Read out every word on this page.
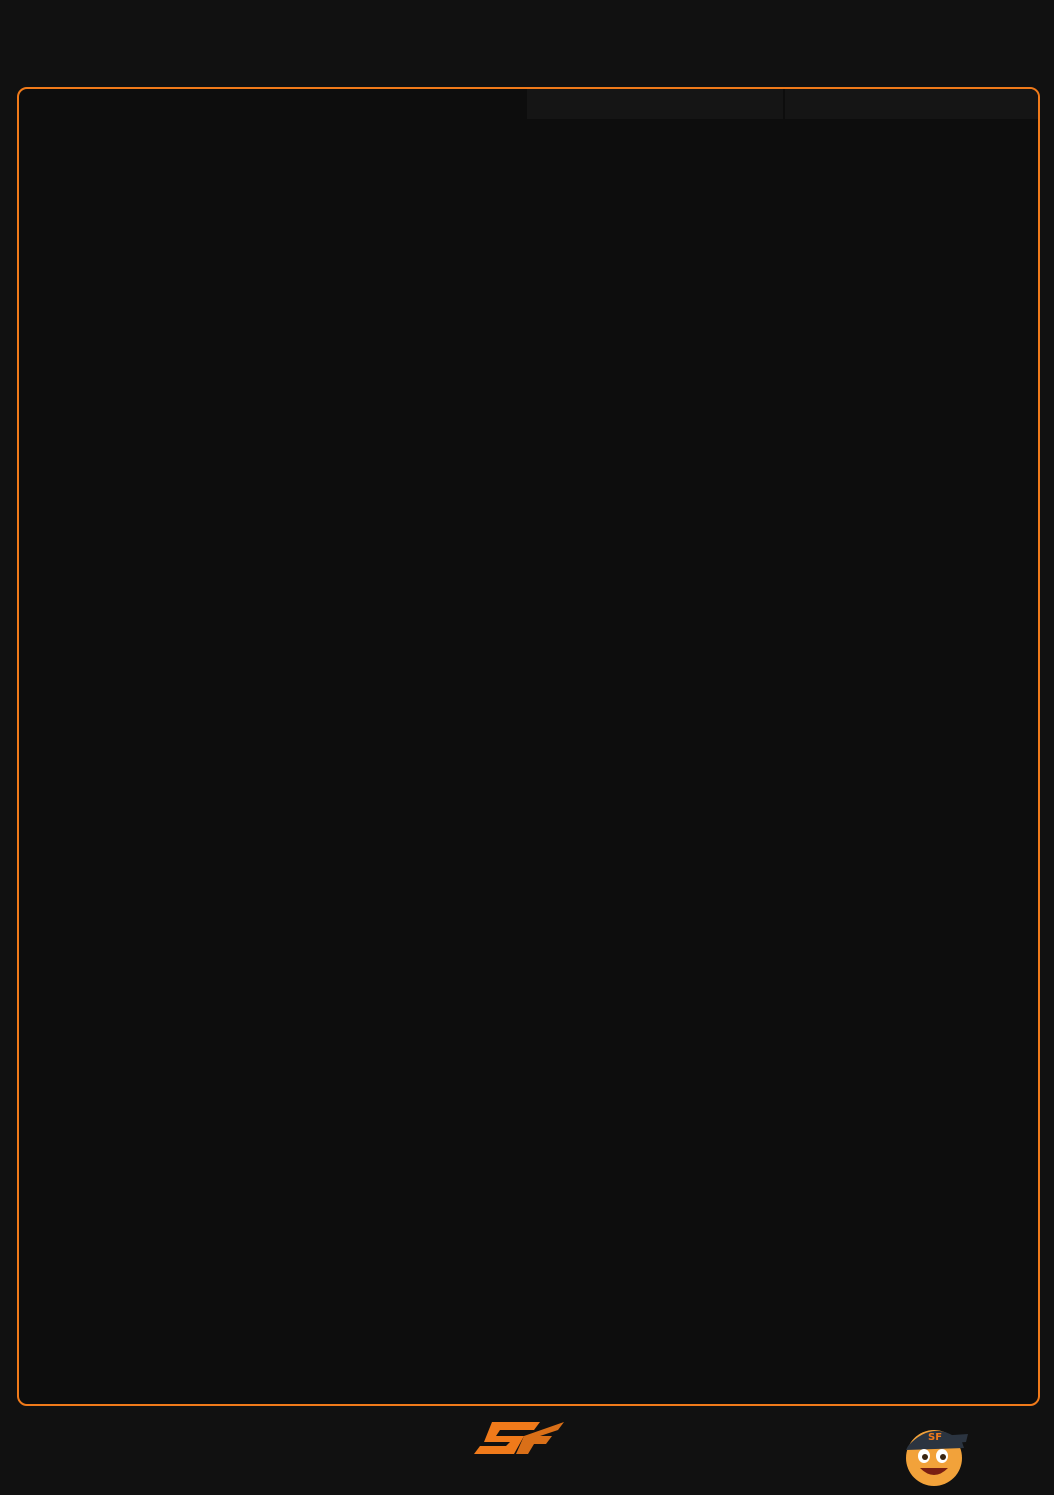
SF
